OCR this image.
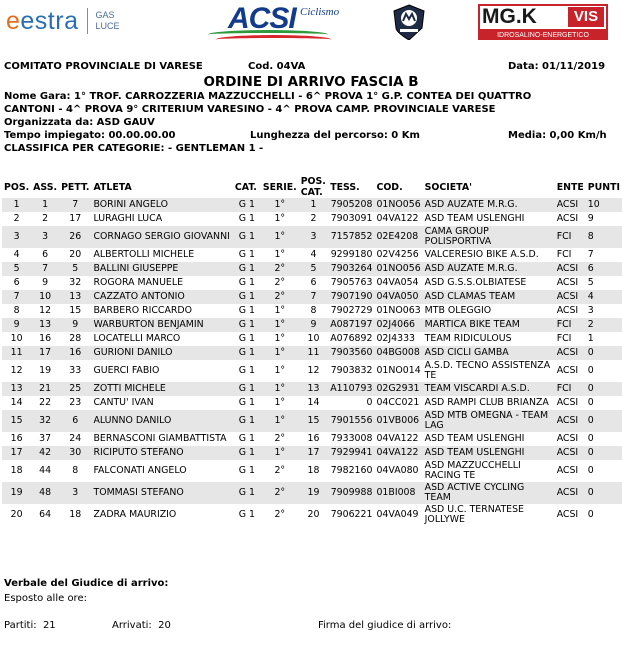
eestra GAS
LUCE	ACSI Ciclismo	MG.K	VIS
IDROSALINO-ENERGETICO
COMITATO PROVINCIALE DI VARESE	Cod. 04VA	Data: 01/11/2019
ORDINE DI ARRIVO FASCIA B
Nome Gara: 1° TROF. CARROZZERIA MAZZUCCHELLI - 6^ PROVA 1° G.P. CONTEA DEI QUATTRO
CANTONI - 4^ PROVA 9° CRITERIUM VARESINO - 4^ PROVA CAMP. PROVINCIALE VARESE
Organizzata da: ASD GAUV
Tempo impiegato: 00.00.00.00	Lunghezza del percorso: 0 Km	Media: 0,00 Km/h
CLASSIFICA PER CATEGORIE: - GENTLEMAN 1 -
POS.	ASS.	PETT.	ATLETA	CAT.	SERIE.	POS. CAT.	TESS.	COD.	SOCIETA'	ENTE	PUNTI
1	1	7	BORINI ANGELO	G 1	1°	1	7905208	01NO056	ASD AUZATE M.R.G.	ACSI	10
2	2	17	LURAGHI LUCA	G 1	1°	2	7903091	04VA122	ASD TEAM USLENGHI	ACSI	9
3	3	26	CORNAGO SERGIO GIOVANNI	G 1	1°	3	7157852	02E4208	CAMA GROUP POLISPORTIVA	FCI	8
4	6	20	ALBERTOLLI MICHELE	G 1	1°	4	9299180	02V4256	VALCERESIO BIKE A.S.D.	FCI	7
5	7	5	BALLINI GIUSEPPE	G 1	2°	5	7903264	01NO056	ASD AUZATE M.R.G.	ACSI	6
6	9	32	ROGORA MANUELE	G 1	2°	6	7905763	04VA054	ASD G.S.S.OLBIATESE	ACSI	5
7	10	13	CAZZATO ANTONIO	G 1	2°	7	7907190	04VA050	ASD CLAMAS TEAM	ACSI	4
8	12	15	BARBERO RICCARDO	G 1	1°	8	7902729	01NO063	MTB OLEGGIO	ACSI	3
9	13	9	WARBURTON BENJAMIN	G 1	1°	9	A087197	02J4066	MARTICA BIKE TEAM	FCI	2
10	16	28	LOCATELLI MARCO	G 1	1°	10	A076892	02J4333	TEAM RIDICULOUS	FCI	1
11	17	16	GURIONI DANILO	G 1	1°	11	7903560	04BG008	ASD CICLI GAMBA	ACSI	0
12	19	33	GUERCI FABIO	G 1	1°	12	7903832	01NO014	A.S.D. TECNO ASSISTENZA TE	ACSI	0
13	21	25	ZOTTI MICHELE	G 1	1°	13	A110793	02G2931	TEAM VISCARDI A.S.D.	FCI	0
14	22	23	CANTU' IVAN	G 1	1°	14	0	04CC021	ASD RAMPI CLUB BRIANZA	ACSI	0
15	32	6	ALUNNO DANILO	G 1	1°	15	7901556	01VB006	ASD MTB OMEGNA - TEAM LAG	ACSI	0
16	37	24	BERNASCONI GIAMBATTISTA	G 1	2°	16	7933008	04VA122	ASD TEAM USLENGHI	ACSI	0
17	42	30	RICIPUTO STEFANO	G 1	1°	17	7929941	04VA122	ASD TEAM USLENGHI	ACSI	0
18	44	8	FALCONATI ANGELO	G 1	2°	18	7982160	04VA080	ASD MAZZUCCHELLI RACING TE	ACSI	0
19	48	3	TOMMASI STEFANO	G 1	2°	19	7909988	01BI008	ASD ACTIVE CYCLING TEAM	ACSI	0
20	64	18	ZADRA MAURIZIO	G 1	2°	20	7906221	04VA049	ASD U.C. TERNATESE JOLLYWE	ACSI	0
Verbale del Giudice di arrivo:
Esposto alle ore:
Partiti:  21	Arrivati:  20	Firma del giudice di arrivo:
